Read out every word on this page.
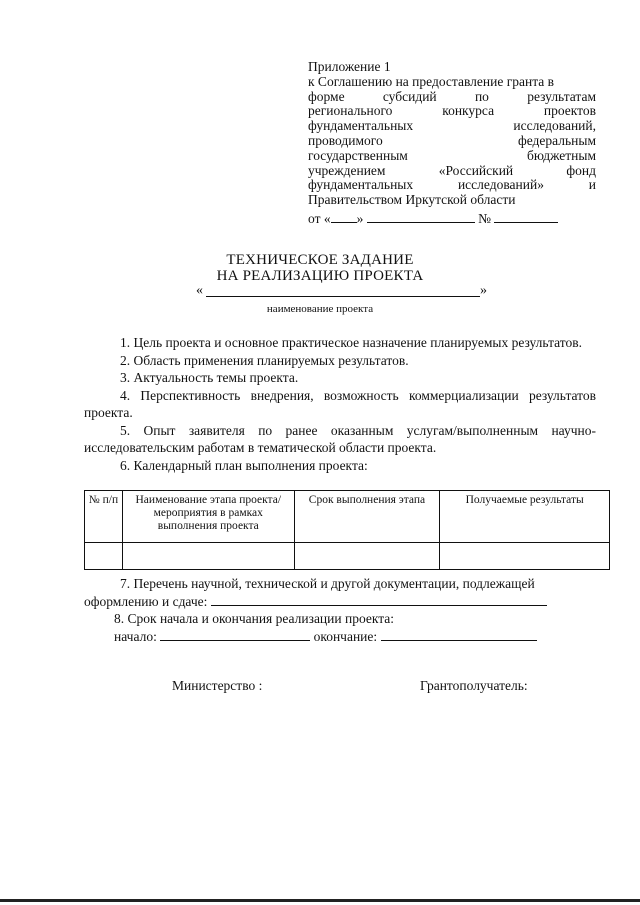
Приложение 1
к Соглашению на предоставление гранта в
форме субсидий по результатам
регионального конкурса проектов
фундаментальных исследований,
проводимого федеральным
государственным бюджетным
учреждением «Российский фонд
фундаментальных исследований» и
Правительством Иркутской области
от « »	№
ТЕХНИЧЕСКОЕ ЗАДАНИЕ
НА РЕАЛИЗАЦИЮ ПРОЕКТА
«	»
наименование проекта
1. Цель проекта и основное практическое назначение планируемых результатов.
2. Область применения планируемых результатов.
3. Актуальность темы проекта.
4. Перспективность внедрения, возможность коммерциализации результатов проекта.
5. Опыт заявителя по ранее оказанным услугам/выполненным научно-исследовательским работам в тематической области проекта.
6. Календарный план выполнения проекта:
№ п/п	Наименование этапа проекта/мероприятия в рамках выполнения проекта	Срок выполнения этапа	Получаемые результаты

7. Перечень научной, технической и другой документации, подлежащей
оформлению и сдаче:
8. Срок начала и окончания реализации проекта:
начало:	окончание:
Министерство :	Грантополучатель:
